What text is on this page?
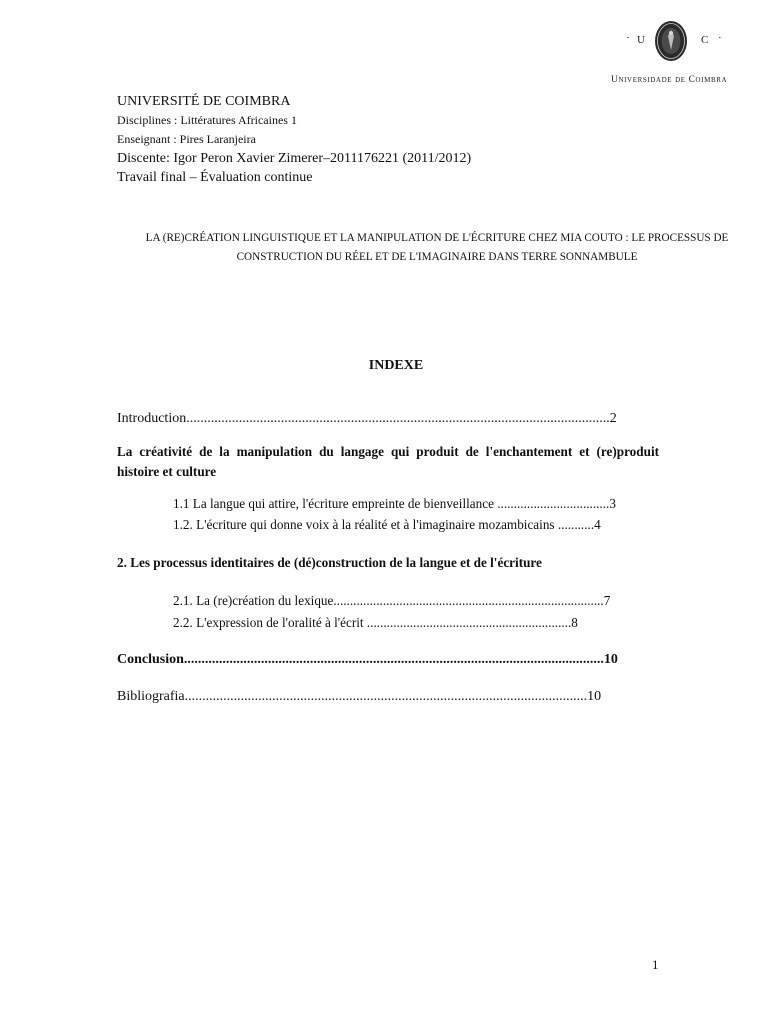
· U	C ·
Universidade de Coimbra
UNIVERSITÉ DE COIMBRA
Disciplines : Littératures Africaines 1
Enseignant : Pires Laranjeira
Discente: Igor Peron Xavier Zimerer–2011176221 (2011/2012)
Travail final – Évaluation continue
LA (RE)CRÉATION LINGUISTIQUE ET LA MANIPULATION DE L'ÉCRITURE CHEZ MIA COUTO : LE PROCESSUS DE
CONSTRUCTION DU RÉEL ET DE L'IMAGINAIRE DANS TERRE SONNAMBULE
INDEXE
Introduction.........................................................................................................................2
La créativité de la manipulation du langage qui produit de l'enchantement et (re)produit histoire et culture
1.1 La langue qui attire, l'écriture empreinte de bienveillance ..................................3
1.2. L'écriture qui donne voix à la réalité et à l'imaginaire mozambicains ...........4
2. Les processus identitaires de (dé)construction de la langue et de l'écriture
2.1. La (re)création du lexique..................................................................................7
2.2. L'expression de l'oralité à l'écrit ..............................................................8
Conclusion........................................................................................................................10
Bibliografia...................................................................................................................10
1
